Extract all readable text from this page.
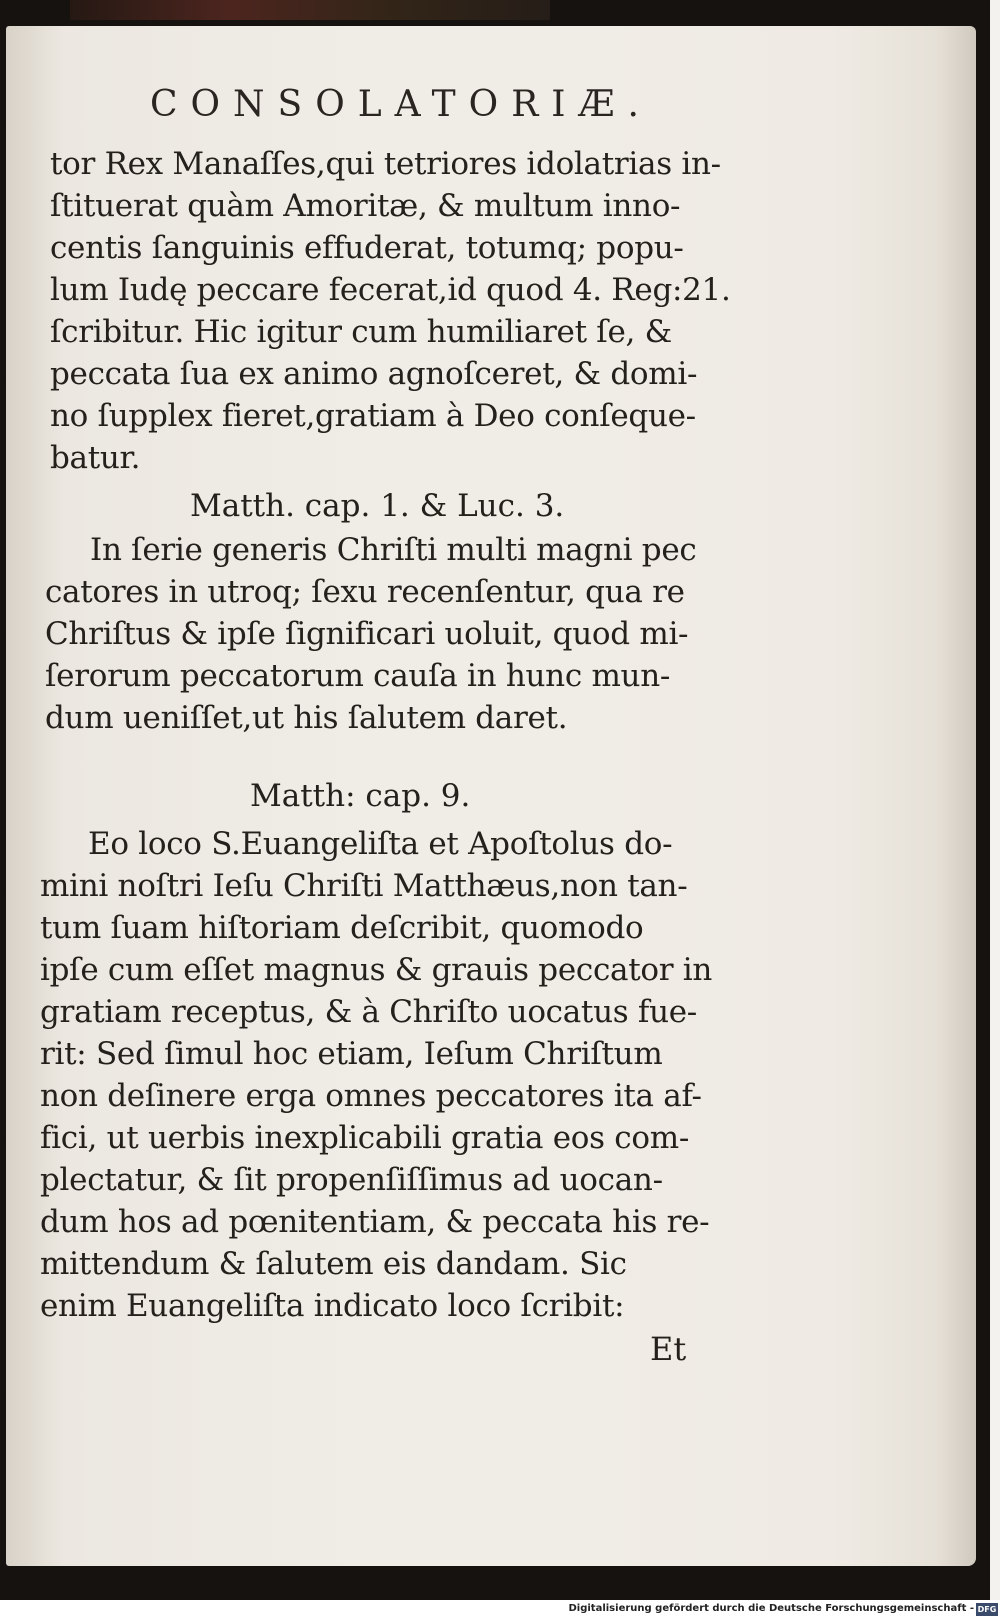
CONSOLATORIÆ.
tor Rex Manaſſes,qui tetriores idolatrias in-
ſtituerat quàm Amoritæ, & multum inno-
centis ſanguinis effuderat, totumq; popu-
lum Iudę peccare fecerat,id quod 4. Reg:21.
ſcribitur. Hic igitur cum humiliaret ſe, &
peccata ſua ex animo agnoſceret, & domi-
no ſupplex fieret,gratiam à Deo conſeque-
batur.
Matth. cap. 1. & Luc. 3.
In ſerie generis Chriſti multi magni pec
catores in utroq; ſexu recenſentur, qua re
Chriſtus & ipſe ſignificari uoluit, quod mi-
ſerorum peccatorum cauſa in hunc mun-
dum ueniſſet,ut his ſalutem daret.
Matth: cap. 9.
Eo loco S.Euangeliſta et Apoſtolus do-
mini noſtri Ieſu Chriſti Matthæus,non tan-
tum ſuam hiſtoriam deſcribit, quomodo
ipſe cum eſſet magnus & grauis peccator in
gratiam receptus, & à Chriſto uocatus fue-
rit: Sed ſimul hoc etiam, Ieſum Chriſtum
non deſinere erga omnes peccatores ita af-
fici, ut uerbis inexplicabili gratia eos com-
plectatur, & ſit propenſiſſimus ad uocan-
dum hos ad pœnitentiam, & peccata his re-
mittendum & ſalutem eis dandam. Sic
enim Euangeliſta indicato loco ſcribit:
Et
Digitalisierung gefördert durch die Deutsche Forschungsgemeinschaft - DFG
